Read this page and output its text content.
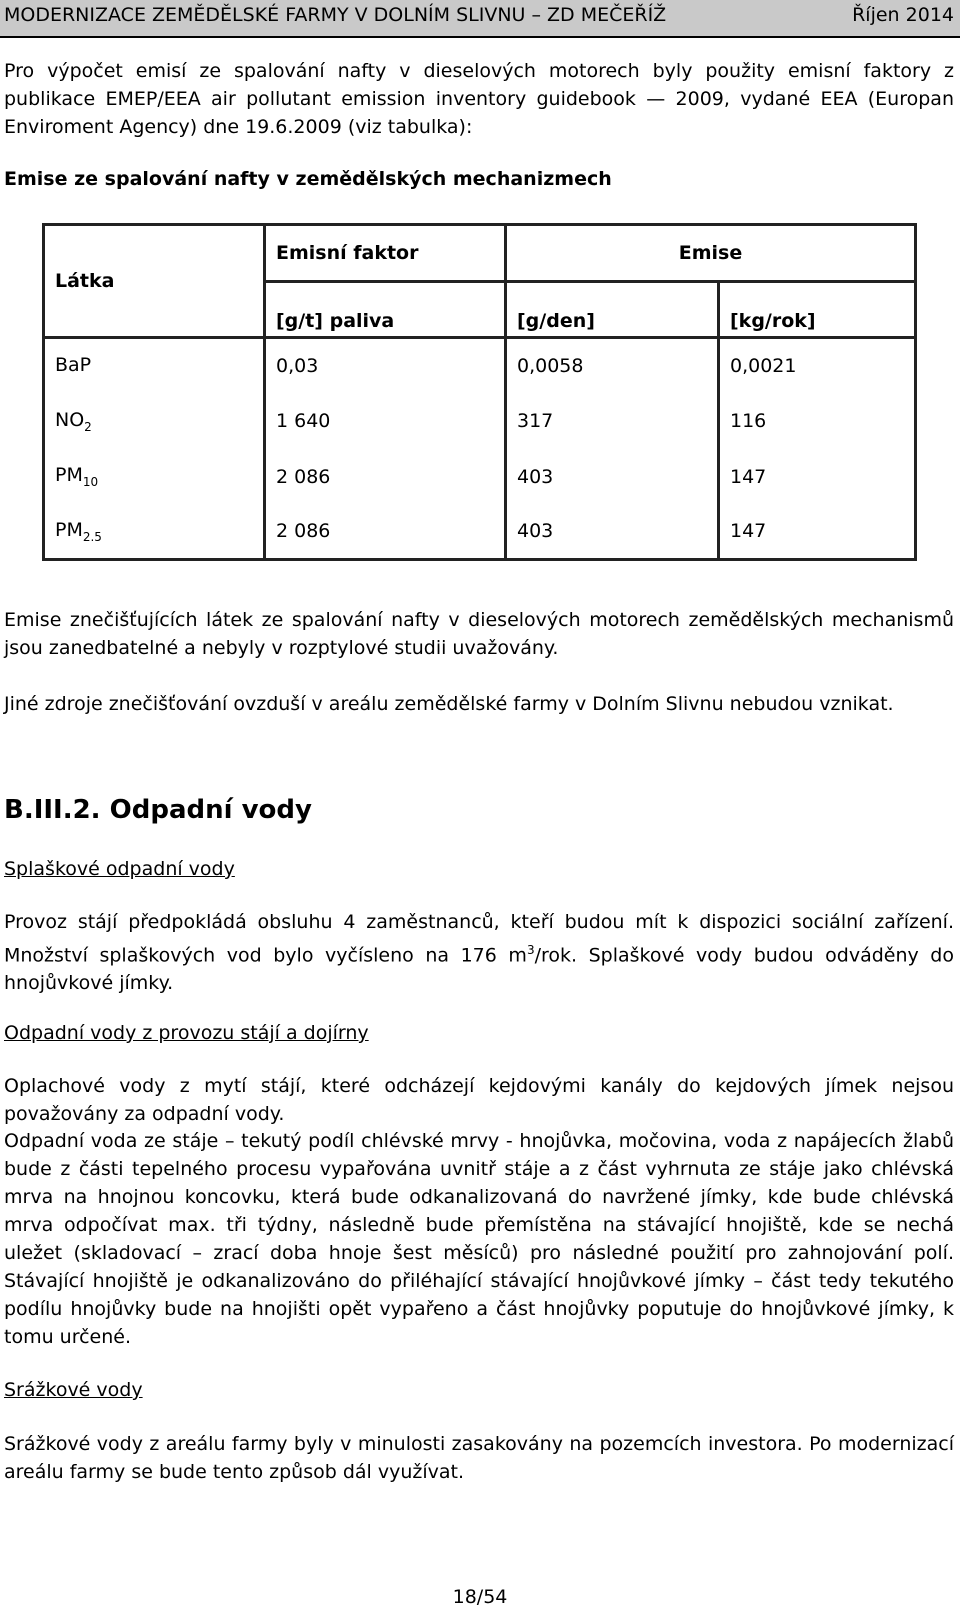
MODERNIZACE ZEMĚDĚLSKÉ FARMY V DOLNÍM SLIVNU – ZD MEČEŘÍŽ	Říjen 2014

Pro výpočet emisí ze spalování nafty v dieselových motorech byly použity emisní faktory z publikace EMEP/EEA air pollutant emission inventory guidebook — 2009, vydané EEA (Europan Enviroment Agency) dne 19.6.2009 (viz tabulka):

Emise ze spalování nafty v zemědělských mechanizmech

Látka	Emisní faktor	Emise	
	[g/t] paliva	[g/den]	[kg/rok]
BaP	0,03	0,0058	0,0021
$NO_2$	1 640	317	116
$PM_{10}$	2 086	403	147
$PM_{2.5}$	2 086	403	147

Emise znečišťujících látek ze spalování nafty v dieselových motorech zemědělských mechanismů jsou zanedbatelné a nebyly v rozptylové studii uvažovány.

Jiné zdroje znečišťování ovzduší v areálu zemědělské farmy v Dolním Slivnu nebudou vznikat.

B.III.2. Odpadní vody
Splaškové odpadní vody

Provoz stájí předpokládá obsluhu 4 zaměstnanců, kteří budou mít k dispozici sociální zařízení. Množství splaškových vod bylo vyčísleno na 176 $m^3$/rok. Splaškové vody budou odváděny do hnojůvkové jímky.

Odpadní vody z provozu stájí a dojírny

Oplachové vody z mytí stájí, které odcházejí kejdovými kanály do kejdových jímek nejsou považovány za odpadní vody.

Odpadní voda ze stáje – tekutý podíl chlévské mrvy - hnojůvka, močovina, voda z napájecích žlabů bude z části tepelného procesu vypařována uvnitř stáje a z část vyhrnuta ze stáje jako chlévská mrva na hnojnou koncovku, která bude odkanalizovaná do navržené jímky, kde bude chlévská mrva odpočívat max. tři týdny, následně bude přemístěna na stávající hnojiště, kde se nechá uležet (skladovací – zrací doba hnoje šest měsíců) pro následné použití pro zahnojování polí. Stávající hnojiště je odkanalizováno do přiléhající stávající hnojůvkové jímky – část tedy tekutého podílu hnojůvky bude na hnojišti opět vypařeno a část hnojůvky poputuje do hnojůvkové jímky, k tomu určené.

Srážkové vody

Srážkové vody z areálu farmy byly v minulosti zasakovány na pozemcích investora. Po modernizací areálu farmy se bude tento způsob dál využívat.

18/54
